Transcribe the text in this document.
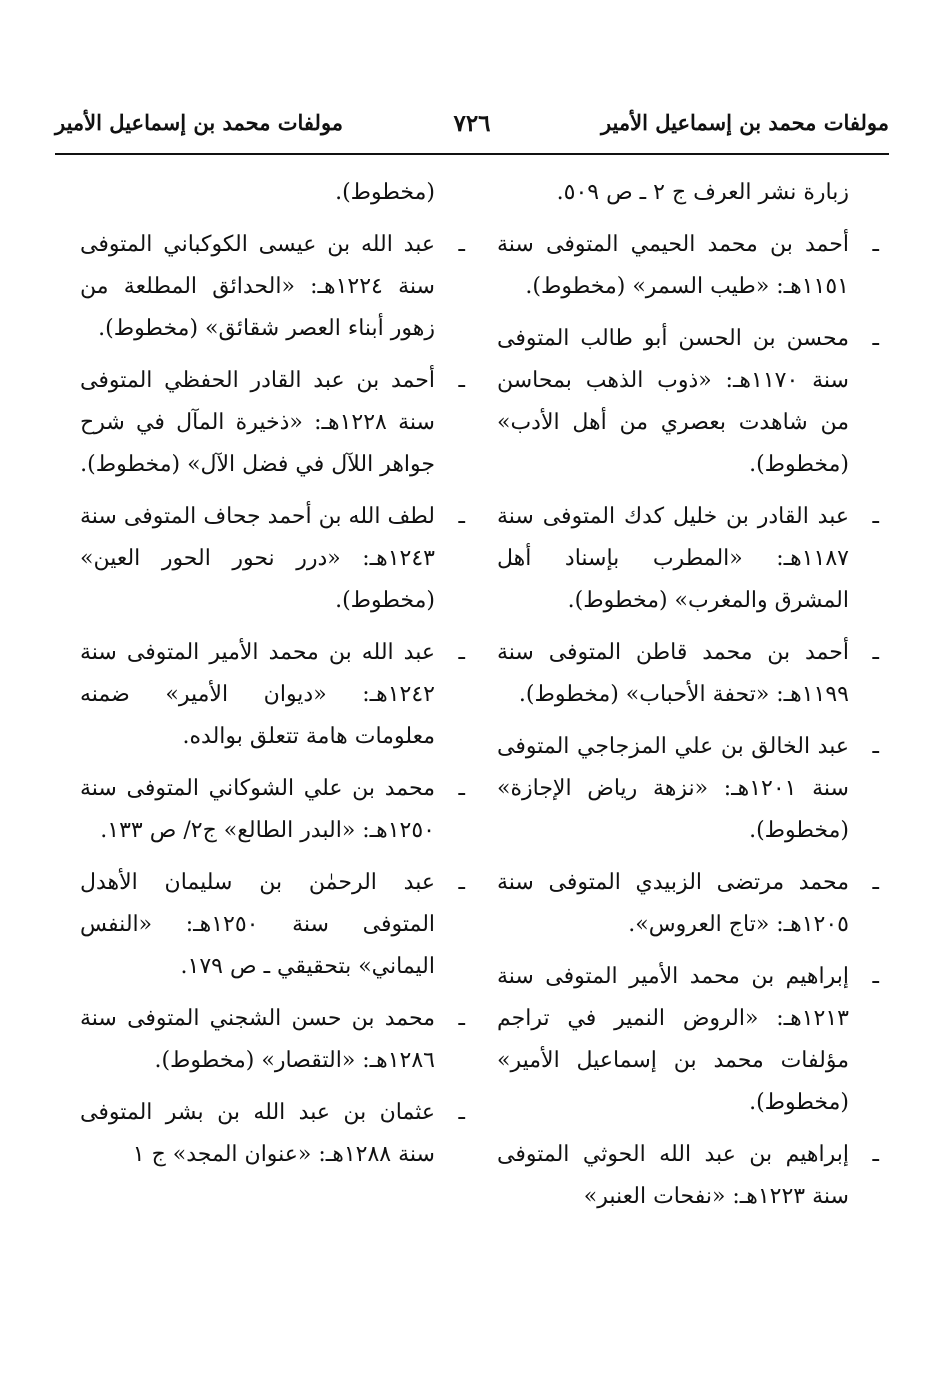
مولفات محمد بن إسماعيل الأمير
٧٢٦
مولفات محمد بن إسماعيل الأمير
زبارة نشر العرف ج ٢ ـ ص ٥٠٩.
ـ
أحمد بن محمد الحيمي المتوفى سنة ١١٥١هـ: «طيب السمر» (مخطوط).
ـ
محسن بن الحسن أبو طالب المتوفى سنة ١١٧٠هـ: «ذوب الذهب بمحاسن من شاهدت بعصري من أهل الأدب» (مخطوط).
ـ
عبد القادر بن خليل كدك المتوفى سنة ١١٨٧هـ: «المطرب بإسناد أهل المشرق والمغرب» (مخطوط).
ـ
أحمد بن محمد قاطن المتوفى سنة ١١٩٩هـ: «تحفة الأحباب» (مخطوط).
ـ
عبد الخالق بن علي المزجاجي المتوفى سنة ١٢٠١هـ: «نزهة رياض الإجازة» (مخطوط).
ـ
محمد مرتضى الزبيدي المتوفى سنة ١٢٠٥هـ: «تاج العروس».
ـ
إبراهيم بن محمد الأمير المتوفى سنة ١٢١٣هـ: «الروض النمير في تراجم مؤلفات محمد بن إسماعيل الأمير» (مخطوط).
ـ
إبراهيم بن عبد الله الحوثي المتوفى سنة ١٢٢٣هـ: «نفحات العنبر»
(مخطوط).
ـ
عبد الله بن عيسى الكوكباني المتوفى سنة ١٢٢٤هـ: «الحدائق المطلعة من زهور أبناء العصر شقائق» (مخطوط).
ـ
أحمد بن عبد القادر الحفظي المتوفى سنة ١٢٢٨هـ: «ذخيرة المآل في شرح جواهر اللآل في فضل الآل» (مخطوط).
ـ
لطف الله بن أحمد جحاف المتوفى سنة ١٢٤٣هـ: «درر نحور الحور العين» (مخطوط).
ـ
عبد الله بن محمد الأمير المتوفى سنة ١٢٤٢هـ: «ديوان الأمير» ضمنه معلومات هامة تتعلق بوالده.
ـ
محمد بن علي الشوكاني المتوفى سنة ١٢٥٠هـ: «البدر الطالع» ج٢/ ص ١٣٣.
ـ
عبد الرحمٰن بن سليمان الأهدل المتوفى سنة ١٢٥٠هـ: «النفس اليماني» بتحقيقي ـ ص ١٧٩.
ـ
محمد بن حسن الشجني المتوفى سنة ١٢٨٦هـ: «التقصار» (مخطوط).
ـ
عثمان بن عبد الله بن بشر المتوفى سنة ١٢٨٨هـ: «عنوان المجد» ج ١
